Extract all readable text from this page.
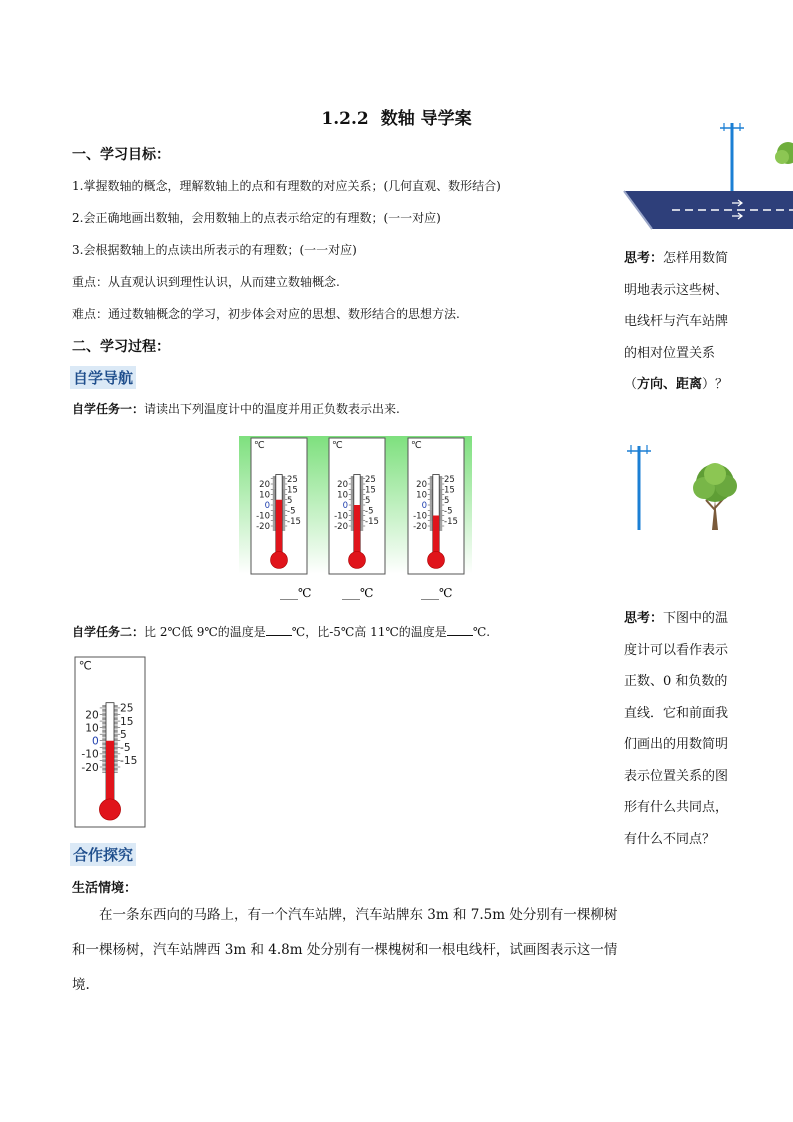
1.2.2 数轴 导学案
一、学习目标：
1.掌握数轴的概念，理解数轴上的点和有理数的对应关系；(几何直观、数形结合)
2.会正确地画出数轴，会用数轴上的点表示给定的有理数；(一一对应)
3.会根据数轴上的点读出所表示的有理数；(一一对应)
重点：从直观认识到理性认识，从而建立数轴概念.
难点：通过数轴概念的学习，初步体会对应的思想、数形结合的思想方法.
二、学习过程：
自学导航
自学任务一：请读出下列温度计中的温度并用正负数表示出来.
℃
20
10
0
-10
-20
25
15
5
-5
-15
℃
20
10
0
-10
-20
25
15
5
-5
-15
℃
20
10
0
-10
-20
25
15
5
-5
-15
___℃	___℃	___℃
自学任务二：比 2℃低 9℃的温度是 ℃，比-5℃高 11℃的温度是 ℃.
℃
20
10
0
-10
-20
25
15
5
-5
-15
合作探究
生活情境：
在一条东西向的马路上，有一个汽车站牌，汽车站牌东 3m 和 7.5m 处分别有一棵柳树和一棵杨树，汽车站牌西 3m 和 4.8m 处分别有一棵槐树和一根电线杆，试画图表示这一情境.
思考：怎样用数简明地表示这些树、电线杆与汽车站牌的相对位置关系（方向、距离）？
思考：下图中的温度计可以看作表示正数、0 和负数的直线．它和前面我们画出的用数简明表示位置关系的图形有什么共同点，有什么不同点？
